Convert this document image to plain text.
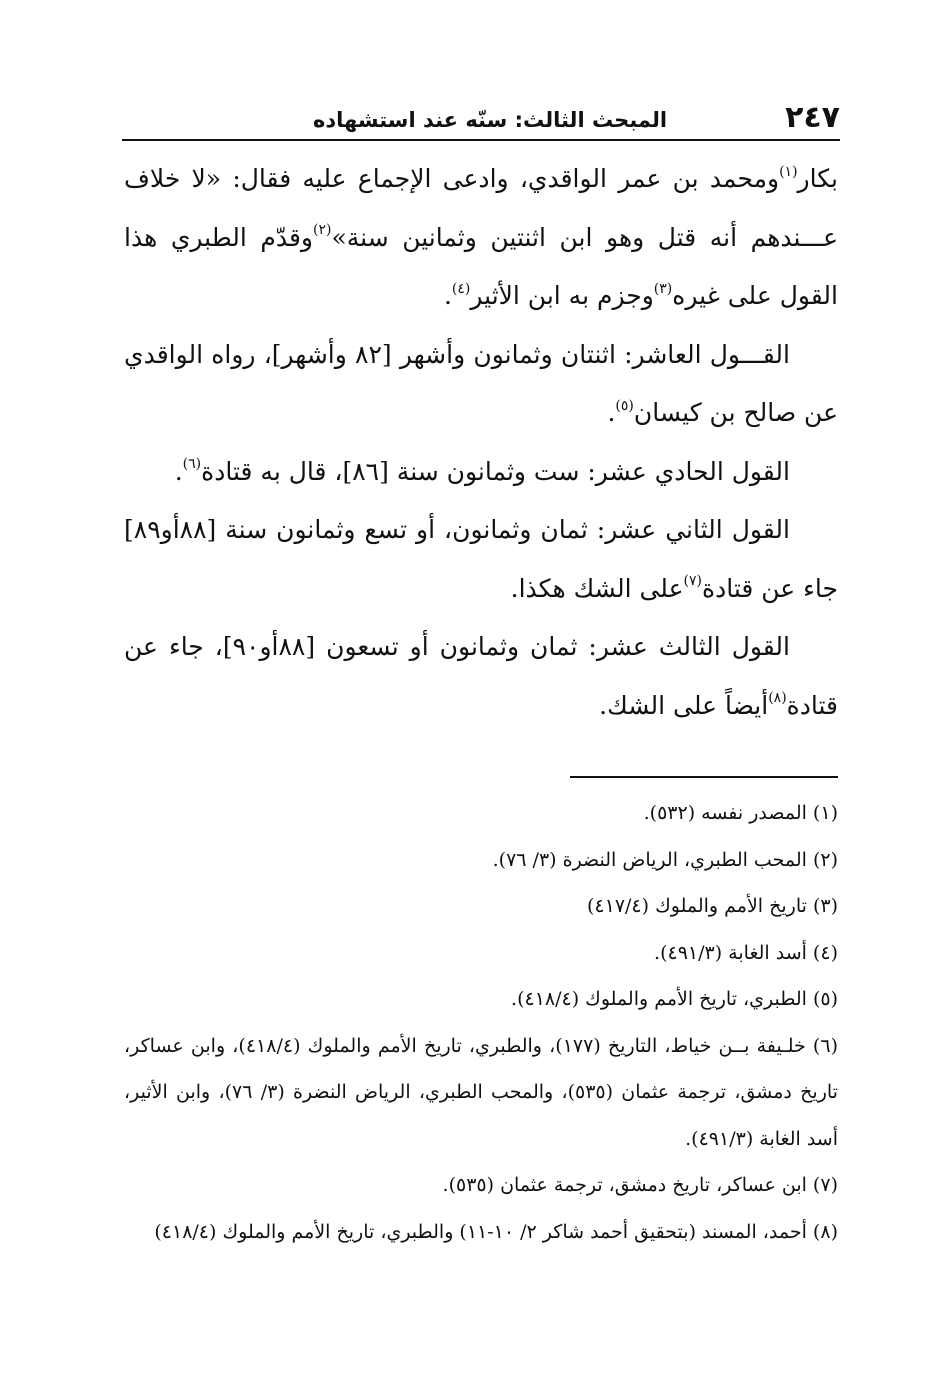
٢٤٧
المبحث الثالث: سنّه عند استشهاده

بكار$^{(١)}$ومحمد بن عمر الواقدي، وادعى الإجماع عليه فقال: «لا خلاف عـــندهم أنه قتل وهو ابن اثنتين وثمانين سنة»$^{(٢)}$وقدّم الطبري هذا القول على غيره$^{(٣)}$وجزم به ابن الأثير$^{(٤)}$.

القـــول العاشر: اثنتان وثمانون وأشهر [٨٢ وأشهر]، رواه الواقدي عن صالح بن كيسان$^{(٥)}$.

القول الحادي عشر: ست وثمانون سنة [٨٦]، قال به قتادة$^{(٦)}$.

القول الثاني عشر: ثمان وثمانون، أو تسع وثمانون سنة [٨٨أو٨٩] جاء عن قتادة$^{(٧)}$على الشك هكذا.

القول الثالث عشر: ثمان وثمانون أو تسعون [٨٨أو٩٠]، جاء عن قتادة$^{(٨)}$أيضاً على الشك.

(١) المصدر نفسه (٥٣٢).

(٢) المحب الطبري، الرياض النضرة (٣/ ٧٦).

(٣) تاريخ الأمم والملوك (٤١٧/٤)

(٤) أسد الغابة (٤٩١/٣).

(٥) الطبري، تاريخ الأمم والملوك (٤١٨/٤).

(٦) خلـيفة بــن خياط، التاريخ (١٧٧)، والطبري، تاريخ الأمم والملوك (٤١٨/٤)، وابن عساكر، تاريخ دمشق، ترجمة عثمان (٥٣٥)، والمحب الطبري، الرياض النضرة (٣/ ٧٦)، وابن الأثير، أسد الغابة (٤٩١/٣).

(٧) ابن عساكر، تاريخ دمشق، ترجمة عثمان (٥٣٥).

(٨) أحمد، المسند (بتحقيق أحمد شاكر ٢/ ١٠-١١) والطبري، تاريخ الأمم والملوك (٤١٨/٤)
